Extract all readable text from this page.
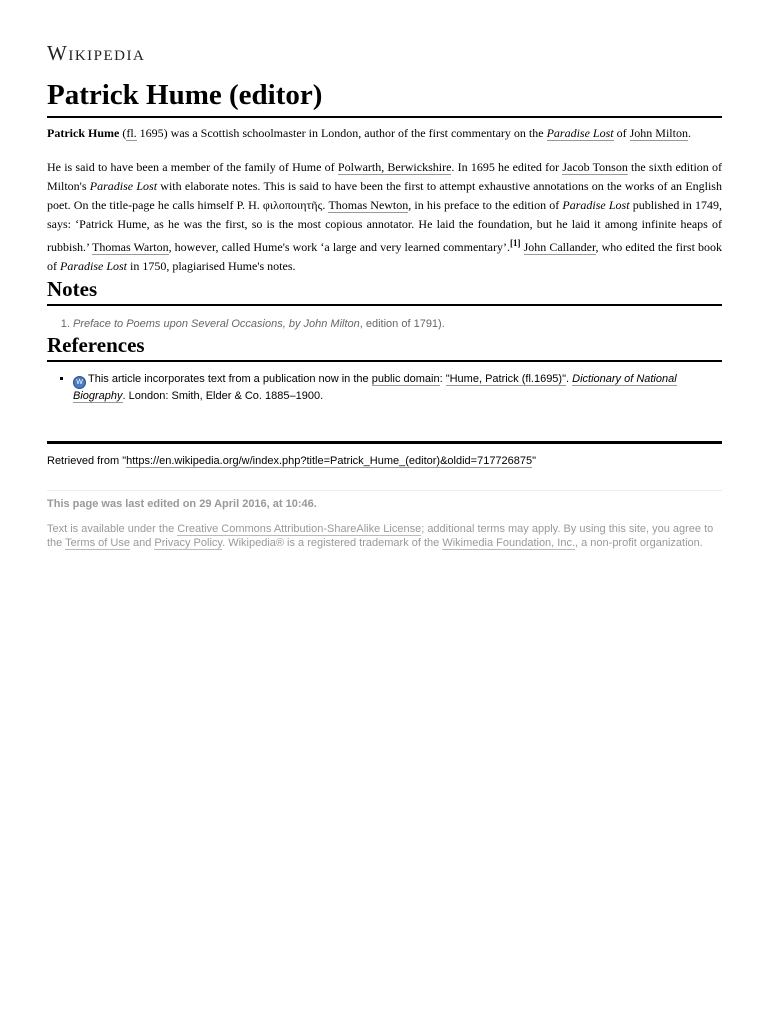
Wikipedia
Patrick Hume (editor)

Patrick Hume (fl. 1695) was a Scottish schoolmaster in London, author of the first commentary on the Paradise Lost of John Milton.

He is said to have been a member of the family of Hume of Polwarth, Berwickshire. In 1695 he edited for Jacob Tonson the sixth edition of Milton's Paradise Lost with elaborate notes. This is said to have been the first to attempt exhaustive annotations on the works of an English poet. On the title-page he calls himself P. H. φιλοποιητῆς. Thomas Newton, in his preface to the edition of Paradise Lost published in 1749, says: ‘Patrick Hume, as he was the first, so is the most copious annotator. He laid the foundation, but he laid it among infinite heaps of rubbish.’ Thomas Warton, however, called Hume's work ‘a large and very learned commentary’.[1] John Callander, who edited the first book of Paradise Lost in 1750, plagiarised Hume's notes.

Notes
1. Preface to Poems upon Several Occasions, by John Milton, edition of 1791).
References
▪ W This article incorporates text from a publication now in the public domain: "Hume, Patrick (fl.1695)". Dictionary of National Biography. London: Smith, Elder & Co. 1885–1900.
Retrieved from "https://en.wikipedia.org/w/index.php?title=Patrick_Hume_(editor)&oldid=717726875"
This page was last edited on 29 April 2016, at 10:46.
Text is available under the Creative Commons Attribution-ShareAlike License; additional terms may apply. By using this site, you agree to the Terms of Use and Privacy Policy. Wikipedia® is a registered trademark of the Wikimedia Foundation, Inc., a non-profit organization.
